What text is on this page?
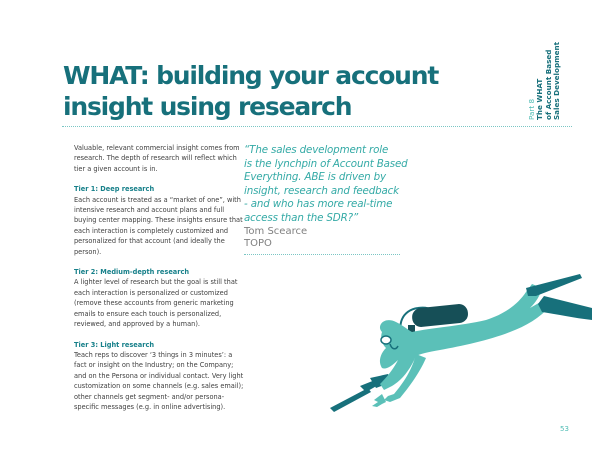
WHAT: building your account
insight using research	Part 8 The WHAT of Account Based Sales Development

Valuable, relevant commercial insight comes from research. The depth of research will reflect which tier a given account is in.

Tier 1: Deep research

Each account is treated as a “market of one”, with intensive research and account plans and full buying center mapping. These insights ensure that each interaction is completely customized and personalized for that account (and ideally the person).

Tier 2: Medium-depth research

A lighter level of research but the goal is still that each interaction is personalized or customized (remove these accounts from generic marketing emails to ensure each touch is personalized, reviewed, and approved by a human).

Tier 3: Light research

Teach reps to discover ‘3 things in 3 minutes’: a fact or insight on the Industry; on the Company; and on the Persona or individual contact. Very light customization on some channels (e.g. sales email); other channels get segment- and/or persona-specific messages (e.g. in online advertising).

“The sales development role
is the lynchpin of Account Based
Everything. ABE is driven by
insight, research and feedback
- and who has more real-time
access than the SDR?”
Tom Scearce
TOPO
53
